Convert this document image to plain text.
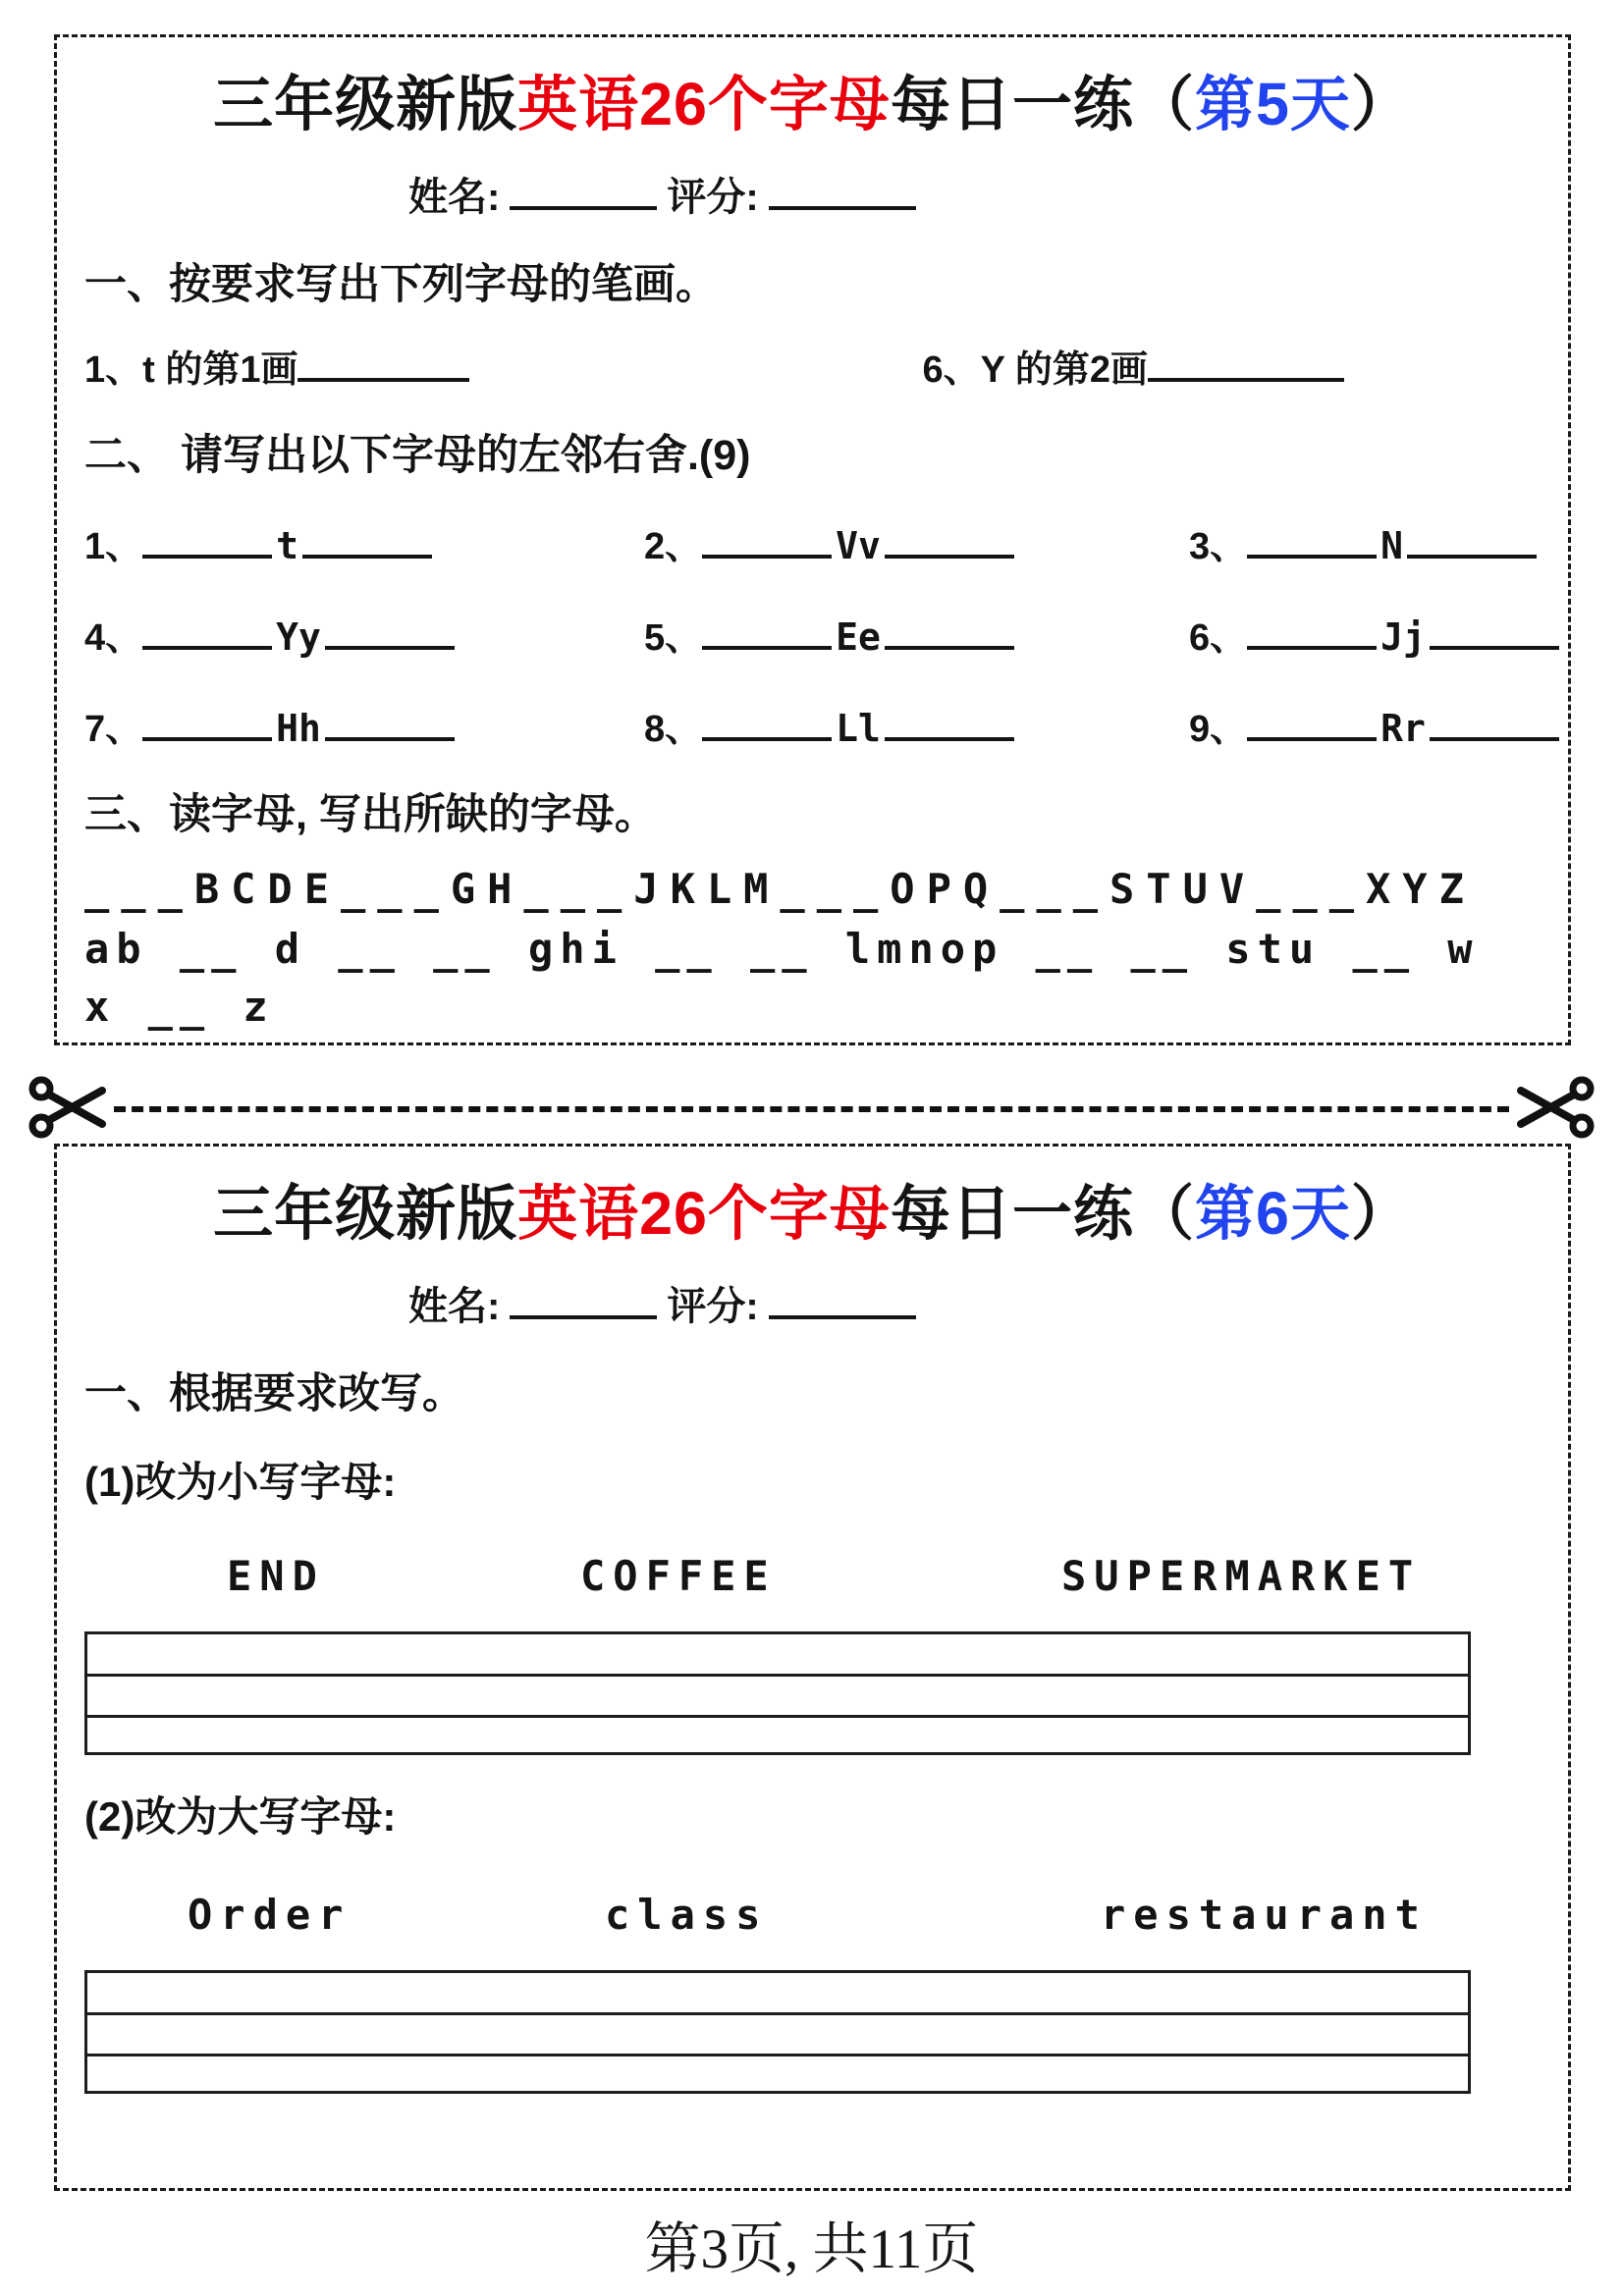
三年级新版英语26个字母每日一练（第5天）
姓名:	评分:
一、按要求写出下列字母的笔画。
1、t 的第1画	6、Y 的第2画
二、 请写出以下字母的左邻右舍.(9)
1、	t	2、	Vv	3、	N
4、	Yy	5、	Ee	6、	Jj
7、	Hh	8、	Ll	9、	Rr
三、读字母, 写出所缺的字母。
___BCDE___GH___JKLM___OPQ___STUV___XYZ
ab __ d __ __ ghi __ __ lmnop __ __ stu __ w
x __ z
三年级新版英语26个字母每日一练（第6天）
姓名:	评分:
一、根据要求改写。
(1)改为小写字母:
END	COFFEE	SUPERMARKET
(2)改为大写字母:
Order	class	restaurant
第3页, 共11页
